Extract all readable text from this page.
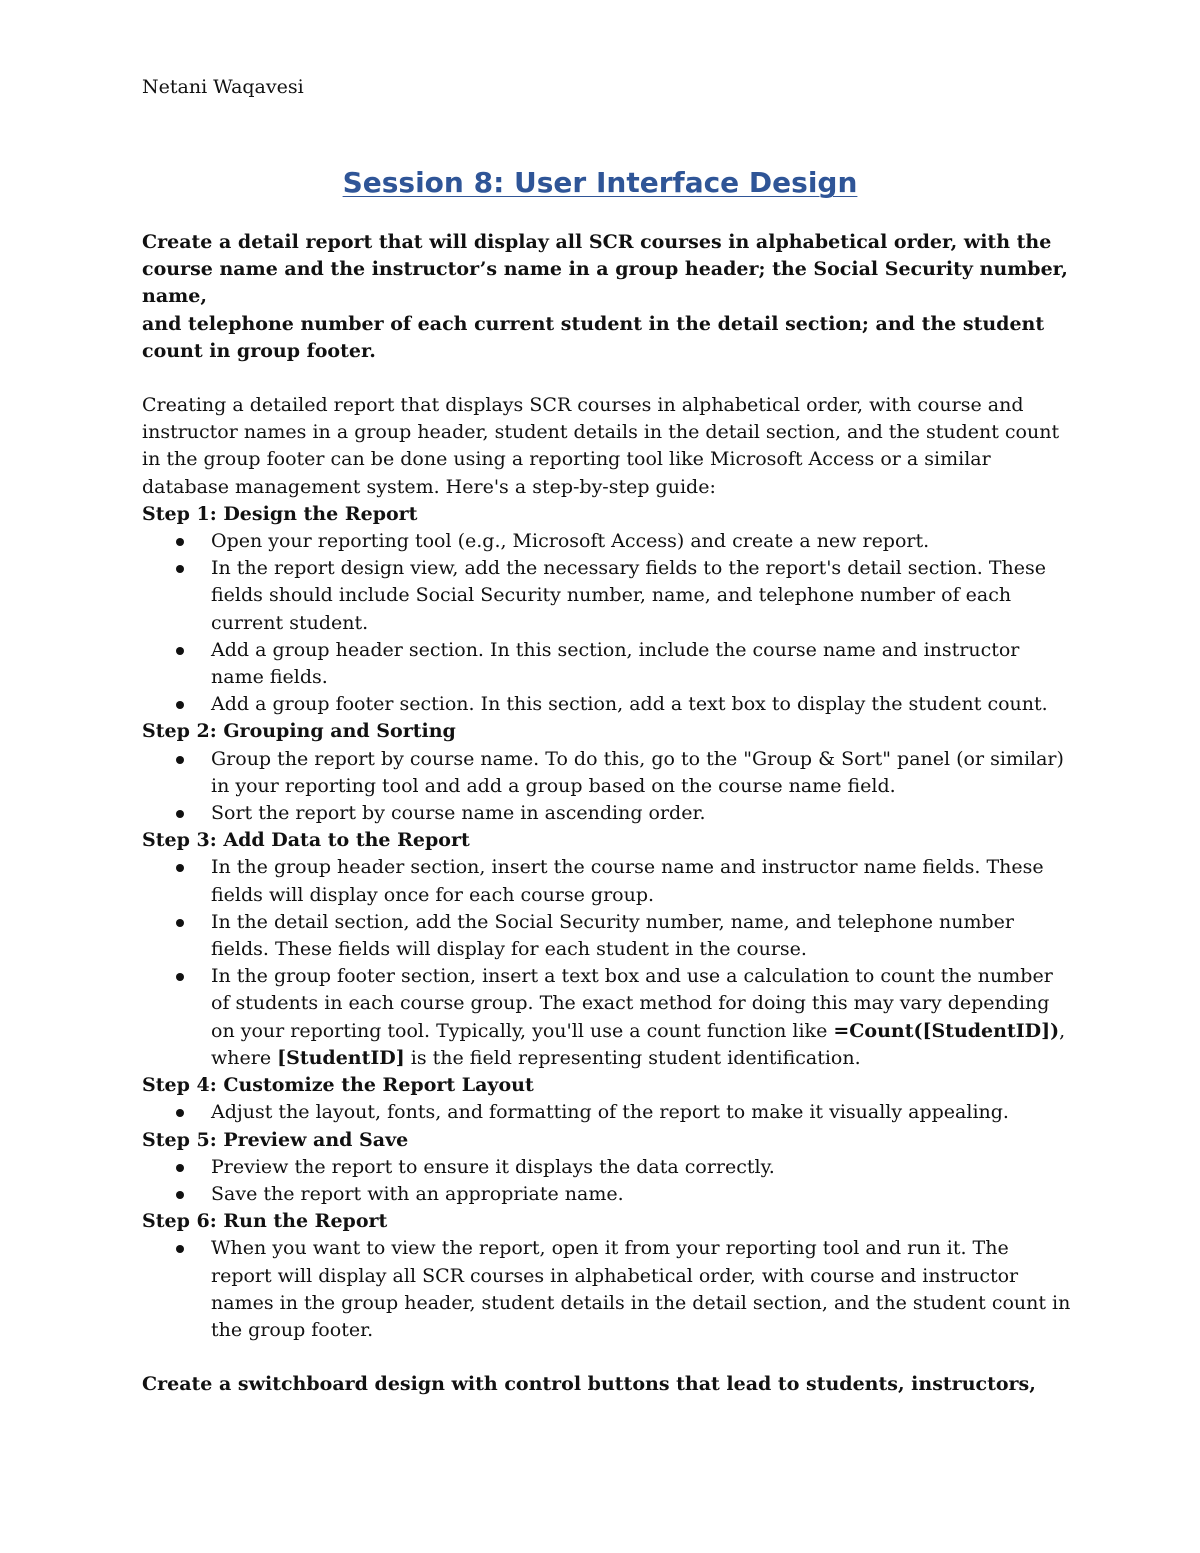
Netani Waqavesi

Session 8: User Interface Design

Create a detail report that will display all SCR courses in alphabetical order, with the course name and the instructor’s name in a group header; the Social Security number, name,

and telephone number of each current student in the detail section; and the student count in group footer.

Creating a detailed report that displays SCR courses in alphabetical order, with course and instructor names in a group header, student details in the detail section, and the student count in the group footer can be done using a reporting tool like Microsoft Access or a similar database management system. Here's a step-by-step guide:

Step 1: Design the Report

Open your reporting tool (e.g., Microsoft Access) and create a new report.
In the report design view, add the necessary fields to the report's detail section. These fields should include Social Security number, name, and telephone number of each current student.
Add a group header section. In this section, include the course name and instructor name fields.
Add a group footer section. In this section, add a text box to display the student count.

Step 2: Grouping and Sorting

Group the report by course name. To do this, go to the "Group & Sort" panel (or similar) in your reporting tool and add a group based on the course name field.
Sort the report by course name in ascending order.

Step 3: Add Data to the Report

In the group header section, insert the course name and instructor name fields. These fields will display once for each course group.
In the detail section, add the Social Security number, name, and telephone number fields. These fields will display for each student in the course.
In the group footer section, insert a text box and use a calculation to count the number of students in each course group. The exact method for doing this may vary depending on your reporting tool. Typically, you'll use a count function like =Count([StudentID]), where [StudentID] is the field representing student identification.

Step 4: Customize the Report Layout

Adjust the layout, fonts, and formatting of the report to make it visually appealing.

Step 5: Preview and Save

Preview the report to ensure it displays the data correctly.
Save the report with an appropriate name.

Step 6: Run the Report

When you want to view the report, open it from your reporting tool and run it. The report will display all SCR courses in alphabetical order, with course and instructor names in the group header, student details in the detail section, and the student count in the group footer.

Create a switchboard design with control buttons that lead to students, instructors,
